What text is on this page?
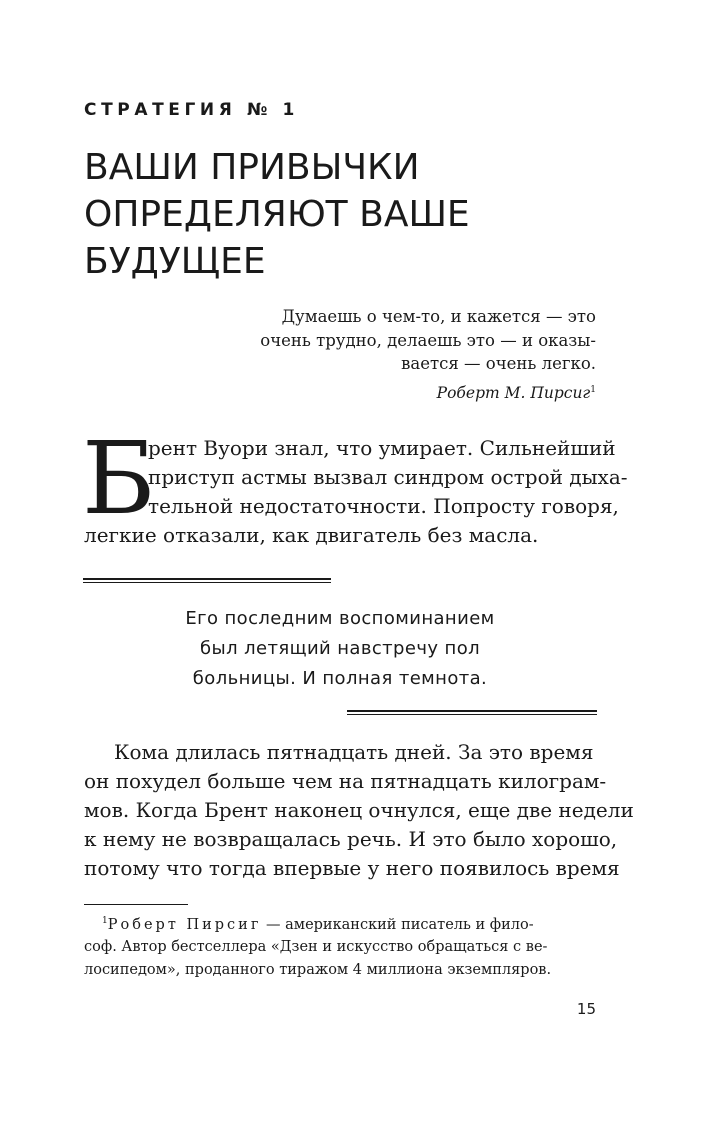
СТРАТЕГИЯ № 1
ВАШИ ПРИВЫЧКИ
ОПРЕДЕЛЯЮТ ВАШЕ
БУДУЩЕЕ
Думаешь о чем-то, и кажется — это
очень трудно, делаешь это — и оказы-
вается — очень легко.
Роберт М. Пирсиг$^1$
Б
рент Вуори знал, что умирает. Сильнейший
приступ астмы вызвал синдром острой дыха-
тельной недостаточности. Попросту говоря,
легкие отказали, как двигатель без масла.
Его последним воспоминанием
был летящий навстречу пол
больницы. И полная темнота.
Кома длилась пятнадцать дней. За это время
он похудел больше чем на пятнадцать килограм-
мов. Когда Брент наконец очнулся, еще две недели
к нему не возвращалась речь. И это было хорошо,
потому что тогда впервые у него появилось время
$^1$Роберт Пирсиг — американский писатель и фило-
соф. Автор бестселлера «Дзен и искусство обращаться с ве-
лосипедом», проданного тиражом 4 миллиона экземпляров.
15
